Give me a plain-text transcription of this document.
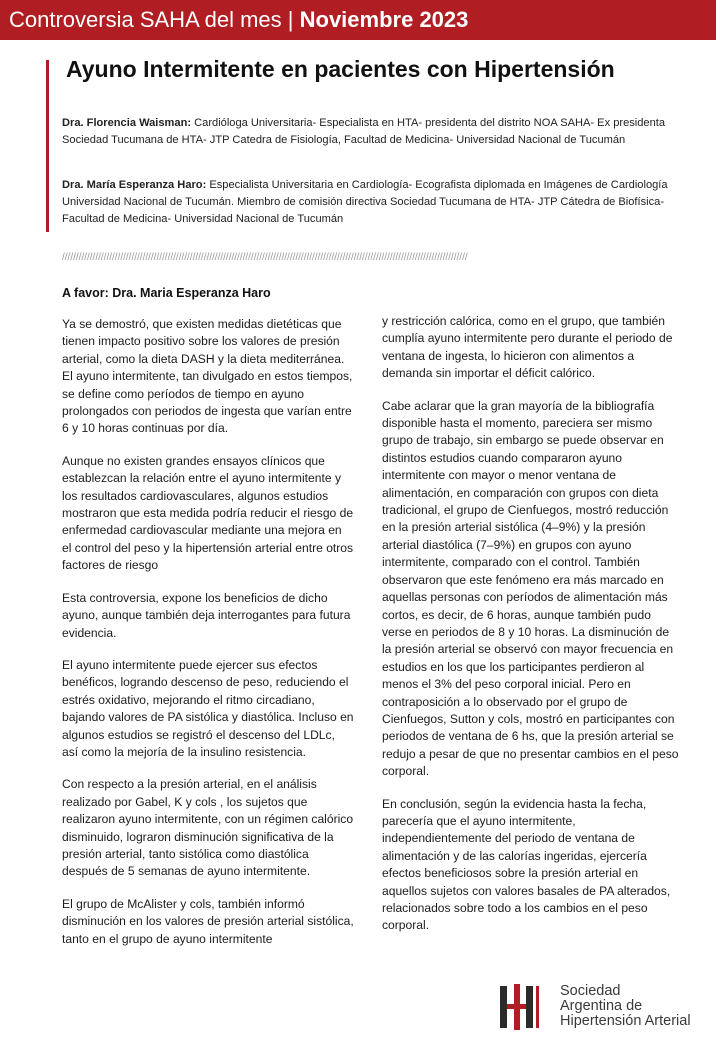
Controversia SAHA del mes | Noviembre 2023
Ayuno Intermitente en pacientes con Hipertensión
Dra. Florencia Waisman: Cardióloga Universitaria- Especialista en HTA- presidenta del distrito NOA SAHA- Ex presidenta Sociedad Tucumana de HTA- JTP Catedra de Fisiología, Facultad de Medicina- Universidad Nacional de Tucumán
Dra. María Esperanza Haro: Especialista Universitaria en Cardiología- Ecografista diplomada en Imágenes de Cardiología Universidad Nacional de Tucumán. Miembro de comisión directiva Sociedad Tucumana de HTA- JTP Cátedra de Biofísica- Facultad de Medicina- Universidad Nacional de Tucumán
//////////////////////////////////////////////////////////////////////////////////////////////////////////////////////////////////////////////////
A favor: Dra. Maria Esperanza Haro

Ya se demostró, que existen medidas dietéticas que tienen impacto positivo sobre los valores de presión arterial, como la dieta DASH y la dieta mediterránea. El ayuno intermitente, tan divulgado en estos tiempos, se define como períodos de tiempo en ayuno prolongados con periodos de ingesta que varían entre 6 y 10 horas continuas por día.

Aunque no existen grandes ensayos clínicos que establezcan la relación entre el ayuno intermitente y los resultados cardiovasculares, algunos estudios mostraron que esta medida podría reducir el riesgo de enfermedad cardiovascular mediante una mejora en el control del peso y la hipertensión arterial entre otros factores de riesgo

Esta controversia, expone los beneficios de dicho ayuno, aunque también deja interrogantes para futura evidencia.

El ayuno intermitente puede ejercer sus efectos benéficos, logrando descenso de peso, reduciendo el estrés oxidativo, mejorando el ritmo circadiano, bajando valores de PA sistólica y diastólica. Incluso en algunos estudios se registró el descenso del LDLc, así como la mejoría de la insulino resistencia.

Con respecto a la presión arterial, en el análisis realizado por Gabel, K y cols , los sujetos que realizaron ayuno intermitente, con un régimen calórico disminuido, lograron disminución significativa de la presión arterial, tanto sistólica como diastólica después de 5 semanas de ayuno intermitente.

El grupo de McAlister y cols, también informó disminución en los valores de presión arterial sistólica, tanto en el grupo de ayuno intermitente

y restricción calórica, como en el grupo, que también cumplía ayuno intermitente pero durante el periodo de ventana de ingesta, lo hicieron con alimentos a demanda sin importar el déficit calórico.

Cabe aclarar que la gran mayoría de la bibliografía disponible hasta el momento, pareciera ser mismo grupo de trabajo, sin embargo se puede observar en distintos estudios cuando compararon ayuno intermitente con mayor o menor ventana de alimentación, en comparación con grupos con dieta tradicional, el grupo de Cienfuegos, mostró reducción en la presión arterial sistólica (4–9%) y la presión arterial diastólica (7–9%) en grupos con ayuno intermitente, comparado con el control. También observaron que este fenómeno era más marcado en aquellas personas con períodos de alimentación más cortos, es decir, de 6 horas, aunque también pudo verse en periodos de 8 y 10 horas. La disminución de la presión arterial se observó con mayor frecuencia en estudios en los que los participantes perdieron al menos el 3% del peso corporal inicial. Pero en contraposición a lo observado por el grupo de Cienfuegos, Sutton y cols, mostró en participantes con periodos de ventana de 6 hs, que la presión arterial se redujo a pesar de que no presentar cambios en el peso corporal.

En conclusión, según la evidencia hasta la fecha, parecería que el ayuno intermitente, independientemente del periodo de ventana de alimentación y de las calorías ingeridas, ejercería efectos beneficiosos sobre la presión arterial en aquellos sujetos con valores basales de PA alterados, relacionados sobre todo a los cambios en el peso corporal.

Sociedad
Argentina de
Hipertensión Arterial
